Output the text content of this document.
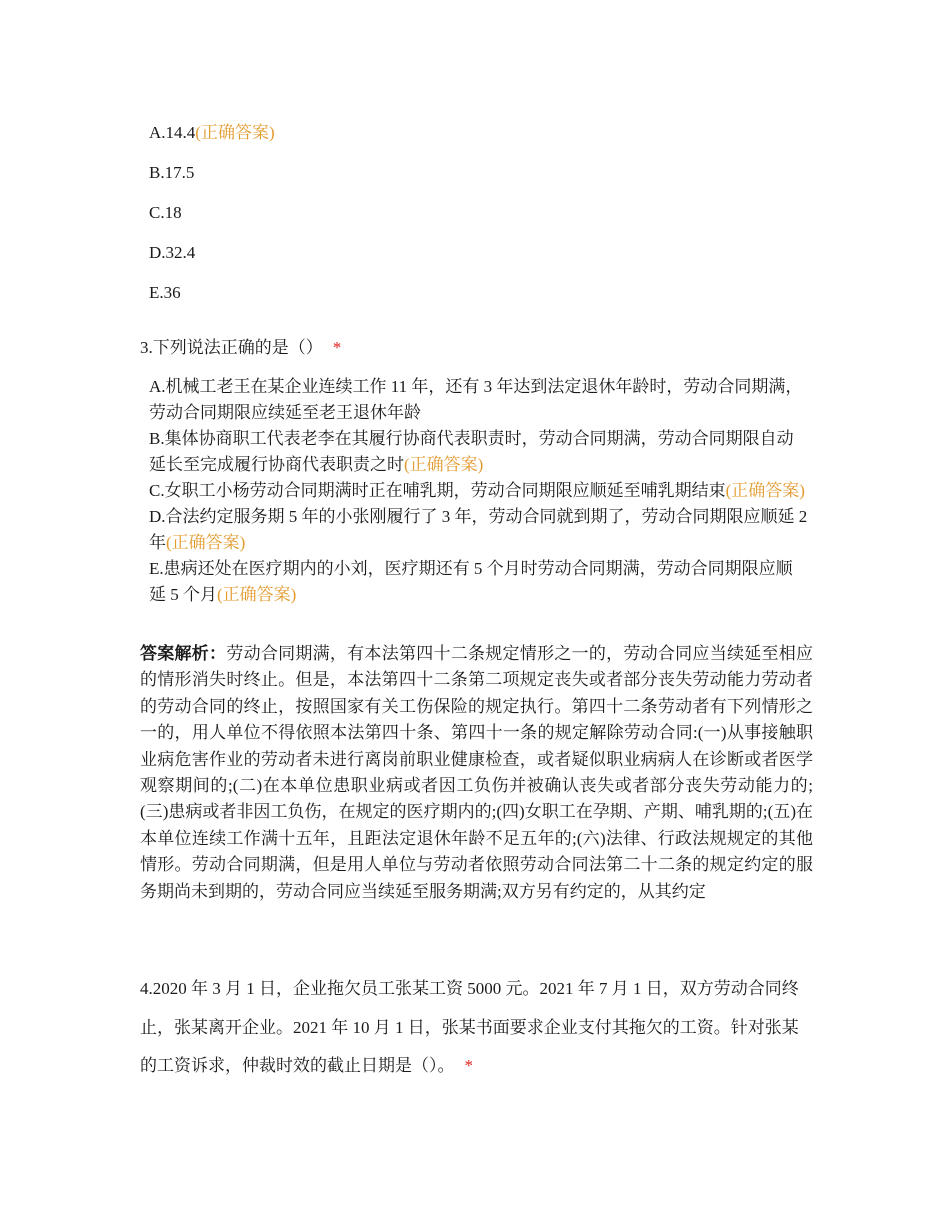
A.14.4(正确答案)
B.17.5
C.18
D.32.4
E.36
3.下列说法正确的是（） *
A.机械工老王在某企业连续工作 11 年，还有 3 年达到法定退休年龄时，劳动合同期满，劳动合同期限应续延至老王退休年龄
B.集体协商职工代表老李在其履行协商代表职责时，劳动合同期满，劳动合同期限自动延长至完成履行协商代表职责之时(正确答案)
C.女职工小杨劳动合同期满时正在哺乳期，劳动合同期限应顺延至哺乳期结束(正确答案)
D.合法约定服务期 5 年的小张刚履行了 3 年，劳动合同就到期了，劳动合同期限应顺延 2 年(正确答案)
E.患病还处在医疗期内的小刘，医疗期还有 5 个月时劳动合同期满，劳动合同期限应顺延 5 个月(正确答案)
答案解析：劳动合同期满，有本法第四十二条规定情形之一的，劳动合同应当续延至相应的情形消失时终止。但是，本法第四十二条第二项规定丧失或者部分丧失劳动能力劳动者的劳动合同的终止，按照国家有关工伤保险的规定执行。第四十二条劳动者有下列情形之一的，用人单位不得依照本法第四十条、第四十一条的规定解除劳动合同:(一)从事接触职业病危害作业的劳动者未进行离岗前职业健康检查，或者疑似职业病病人在诊断或者医学观察期间的;(二)在本单位患职业病或者因工负伤并被确认丧失或者部分丧失劳动能力的;(三)患病或者非因工负伤，在规定的医疗期内的;(四)女职工在孕期、产期、哺乳期的;(五)在本单位连续工作满十五年，且距法定退休年龄不足五年的;(六)法律、行政法规规定的其他情形。劳动合同期满，但是用人单位与劳动者依照劳动合同法第二十二条的规定约定的服务期尚未到期的，劳动合同应当续延至服务期满;双方另有约定的，从其约定
4.2020 年 3 月 1 日，企业拖欠员工张某工资 5000 元。2021 年 7 月 1 日，双方劳动合同终止，张某离开企业。2021 年 10 月 1 日，张某书面要求企业支付其拖欠的工资。针对张某的工资诉求，仲裁时效的截止日期是（）。 *
